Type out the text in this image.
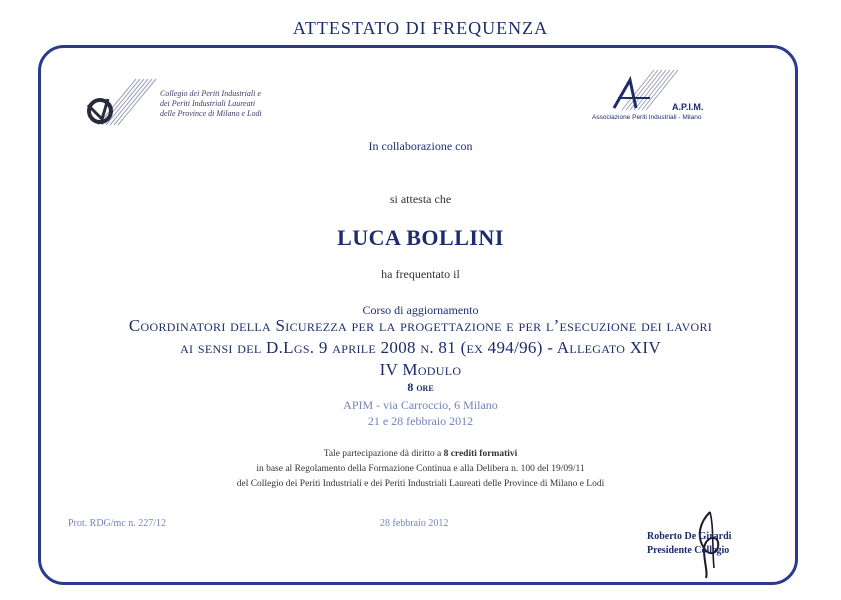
ATTESTATO DI FREQUENZA
Collegio dei Periti Industriali e
dei Periti Industriali Laureati
delle Province di Milano e Lodi
A.P.I.M.
Associazione Periti Industriali - Milano
In collaborazione con
si attesta che
LUCA BOLLINI
ha frequentato il
Corso di aggiornamento
Coordinatori della Sicurezza per la progettazione e per l’esecuzione dei lavori
ai sensi del D.Lgs. 9 aprile 2008 n. 81 (ex 494/96) - Allegato XIV
IV Modulo
8 ore
APIM - via Carroccio, 6 Milano
21 e 28 febbraio 2012
Tale partecipazione dà diritto a 8 crediti formativi
in base al Regolamento della Formazione Continua e alla Delibera n. 100 del 19/09/11
del Collegio dei Periti Industriali e dei Periti Industriali Laureati delle Province di Milano e Lodi
Prot. RDG/mc n. 227/12	28 febbraio 2012
Roberto De Girardi
Presidente Collegio
